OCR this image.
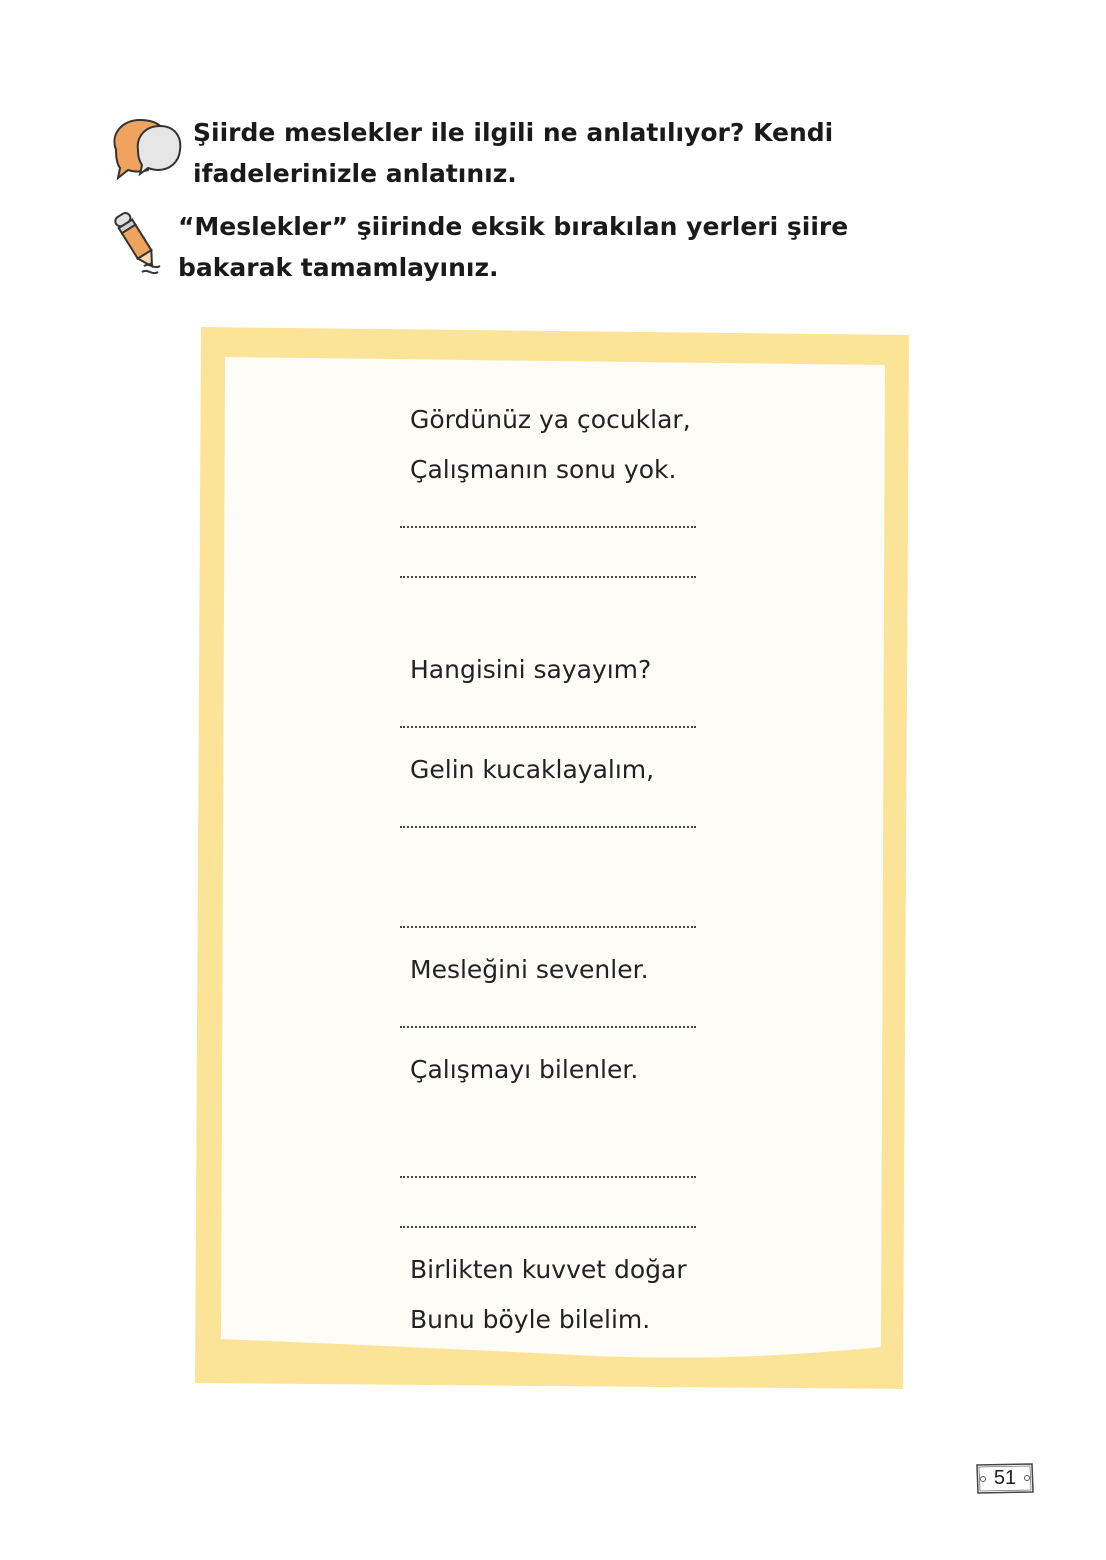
Şiirde meslekler ile ilgili ne anlatılıyor? Kendi ifadelerinizle anlatınız.

“Meslekler” şiirinde eksik bırakılan yerleri şiire bakarak tamamlayınız.

Gördünüz ya çocuklar,

Çalışmanın sonu yok.

Hangisini sayayım?

Gelin kucaklayalım,

Mesleğini sevenler.

Çalışmayı bilenler.

Birlikten kuvvet doğar

Bunu böyle bilelim.

51
